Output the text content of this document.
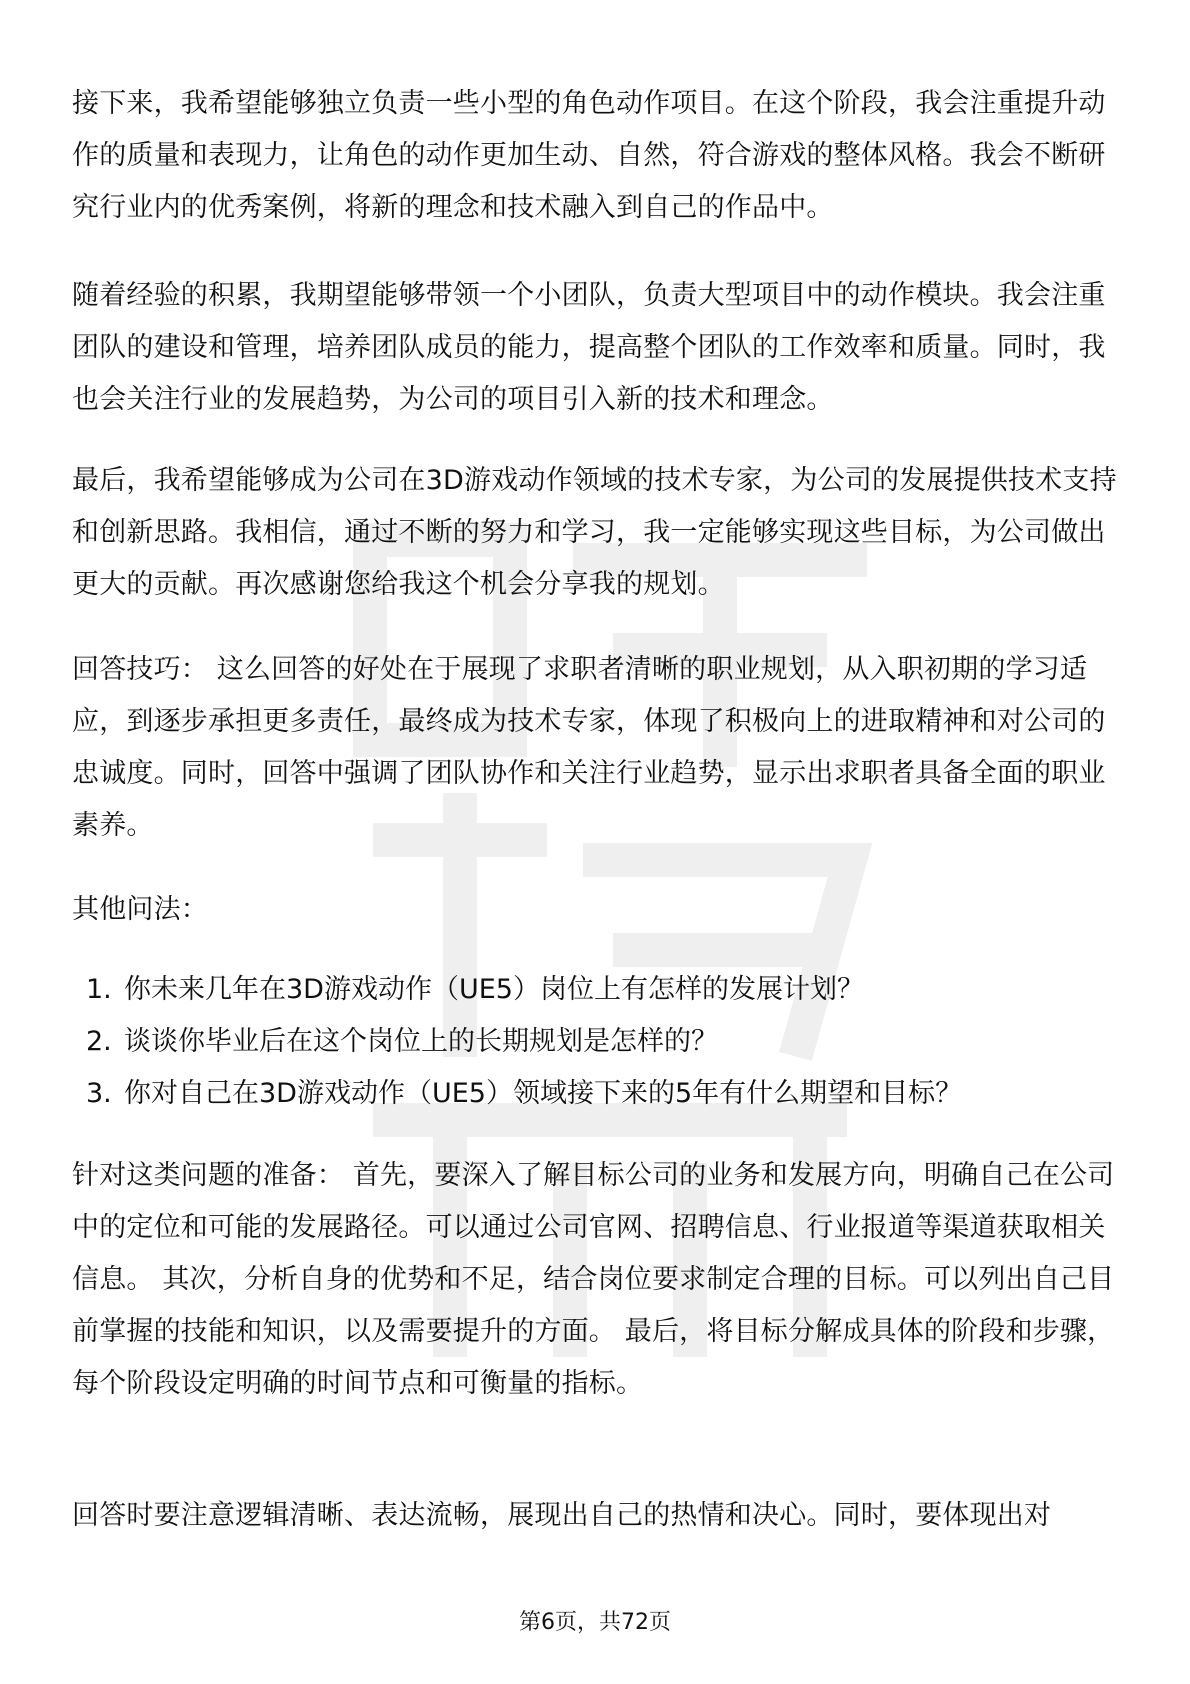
接下来，我希望能够独立负责一些小型的角色动作项目。在这个阶段，我会注重提升动作的质量和表现力，让角色的动作更加生动、自然，符合游戏的整体风格。我会不断研究行业内的优秀案例，将新的理念和技术融入到自己的作品中。

随着经验的积累，我期望能够带领一个小团队，负责大型项目中的动作模块。我会注重团队的建设和管理，培养团队成员的能力，提高整个团队的工作效率和质量。同时，我也会关注行业的发展趋势，为公司的项目引入新的技术和理念。

最后，我希望能够成为公司在3D游戏动作领域的技术专家，为公司的发展提供技术支持和创新思路。我相信，通过不断的努力和学习，我一定能够实现这些目标，为公司做出更大的贡献。再次感谢您给我这个机会分享我的规划。

回答技巧： 这么回答的好处在于展现了求职者清晰的职业规划，从入职初期的学习适应，到逐步承担更多责任，最终成为技术专家，体现了积极向上的进取精神和对公司的忠诚度。同时，回答中强调了团队协作和关注行业趋势，显示出求职者具备全面的职业素养。

其他问法：

1. 你未来几年在3D游戏动作（UE5）岗位上有怎样的发展计划？
2. 谈谈你毕业后在这个岗位上的长期规划是怎样的？
3. 你对自己在3D游戏动作（UE5）领域接下来的5年有什么期望和目标？

针对这类问题的准备： 首先，要深入了解目标公司的业务和发展方向，明确自己在公司中的定位和可能的发展路径。可以通过公司官网、招聘信息、行业报道等渠道获取相关信息。 其次，分析自身的优势和不足，结合岗位要求制定合理的目标。可以列出自己目前掌握的技能和知识，以及需要提升的方面。 最后，将目标分解成具体的阶段和步骤，每个阶段设定明确的时间节点和可衡量的指标。

回答时要注意逻辑清晰、表达流畅，展现出自己的热情和决心。同时，要体现出对

第6页，共72页
